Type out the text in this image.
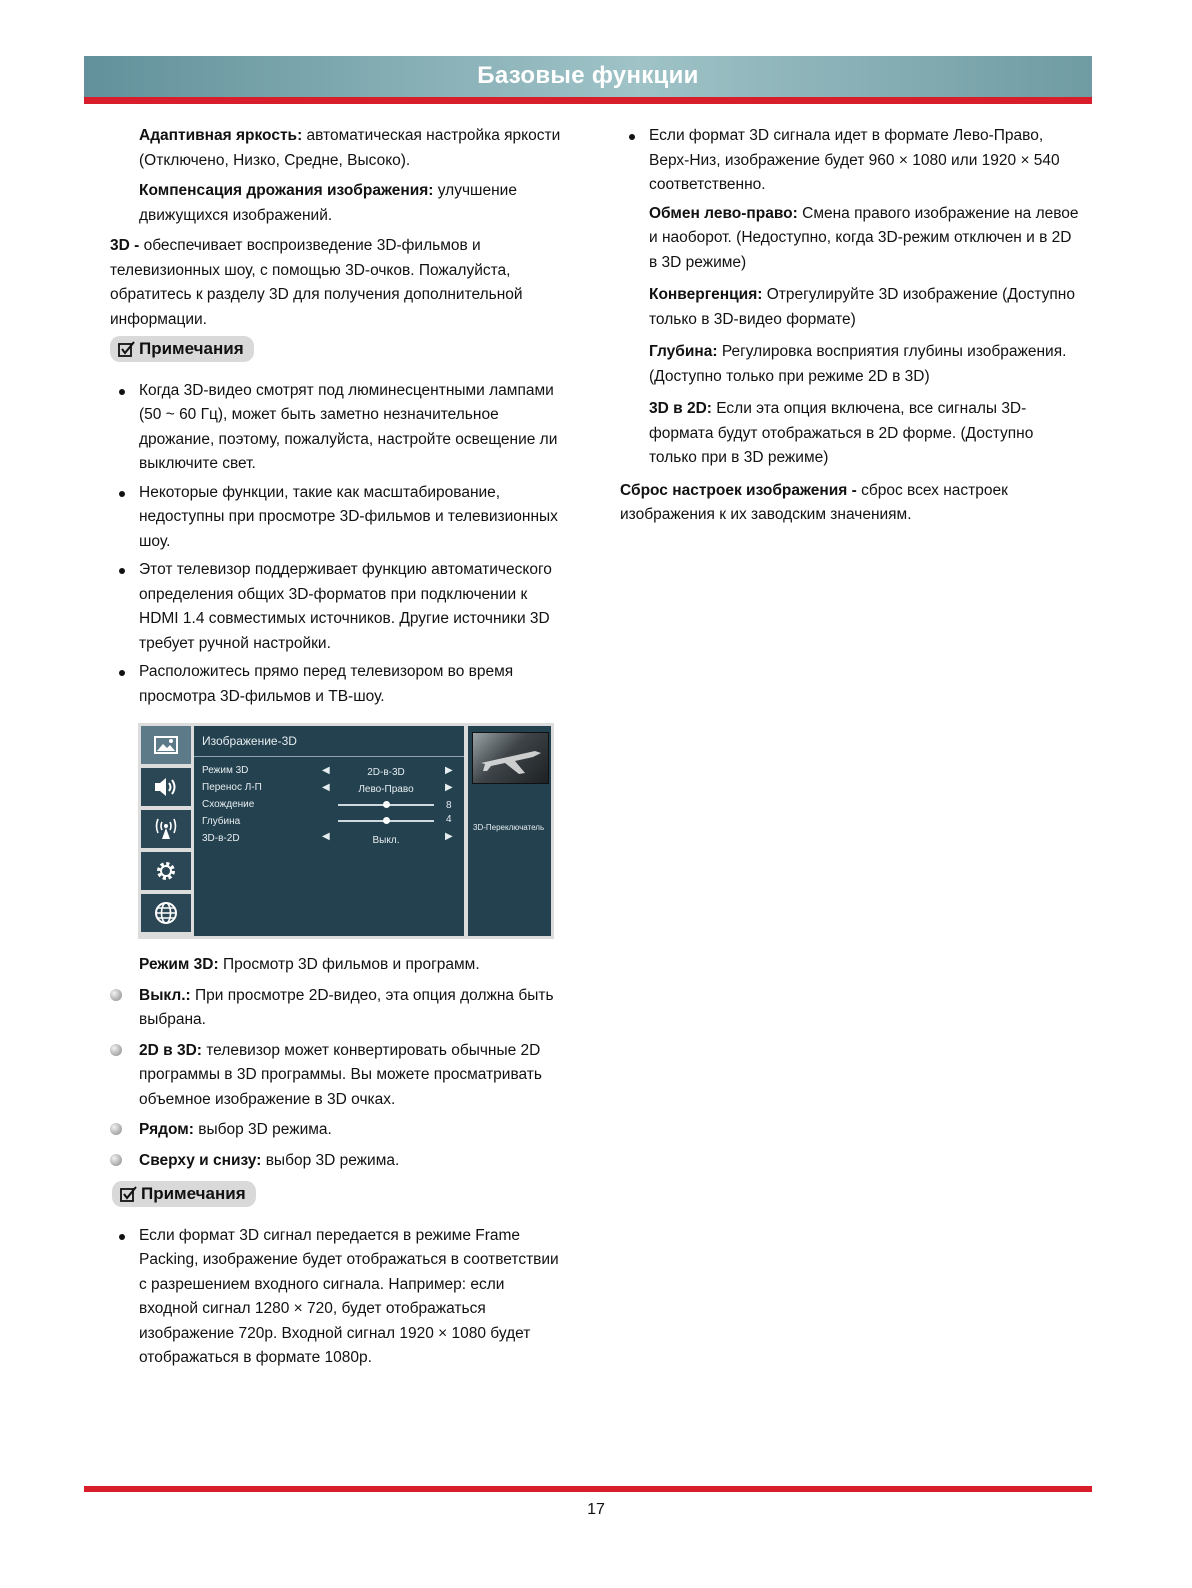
Базовые функции

Адаптивная яркость: автоматическая настройка яркости (Отключено, Низко, Средне, Высоко).

Компенсация дрожания изображения: улучшение движущихся изображений.

3D - обеспечивает воспроизведение 3D-фильмов и телевизионных шоу, с помощью 3D-очков. Пожалуйста, обратитесь к разделу 3D для получения дополнительной информации.

Примечания
Когда 3D-видео смотрят под люминесцентными лампами (50 ~ 60 Гц), может быть заметно незначительное дрожание, поэтому, пожалуйста, настройте освещение ли выключите свет.
Некоторые функции, такие как масштабирование, недоступны при просмотре 3D-фильмов и телевизионных шоу.
Этот телевизор поддерживает функцию автоматического определения общих 3D-форматов при подключении к HDMI 1.4 совместимых источников. Другие источники 3D требует ручной настройки.
Расположитесь прямо перед телевизором во время просмотра 3D-фильмов и ТВ-шоу.
Изображение-3D
Режим 3D	◀	2D-в-3D	▶
Перенос Л-П	◀	Лево-Право	▶
Схождение	8
Глубина	4
3D-в-2D	◀	Выкл.	▶
3D-Переключатель

Режим 3D: Просмотр 3D фильмов и программ.

Выкл.: При просмотре 2D-видео, эта опция должна быть выбрана.
2D в 3D: телевизор может конвертировать обычные 2D программы в 3D программы. Вы можете просматривать объемное изображение в 3D очках.
Рядом: выбор 3D режима.
Сверху и снизу: выбор 3D режима.
Примечания
Если формат 3D сигнал передается в режиме Frame Packing, изображение будет отображаться в соответствии с разрешением входного сигнала. Например: если входной сигнал 1280 × 720, будет отображаться изображение 720p. Входной сигнал 1920 × 1080 будет отображаться в формате 1080p.
Если формат 3D сигнала идет в формате Лево-Право, Верх-Низ, изображение будет 960 × 1080 или 1920 × 540 соответственно.

Обмен лево-право: Смена правого изображение на левое и наоборот. (Недоступно, когда 3D-режим отключен и в 2D в 3D режиме)

Конвергенция: Отрегулируйте 3D изображение (Доступно только в 3D-видео формате)

Глубина: Регулировка восприятия глубины изображения. (Доступно только при режиме 2D в 3D)

3D в 2D: Если эта опция включена, все сигналы 3D-формата будут отображаться в 2D форме. (Доступно только при в 3D режиме)

Сброс настроек изображения - сброс всех настроек изображения к их заводским значениям.

17
